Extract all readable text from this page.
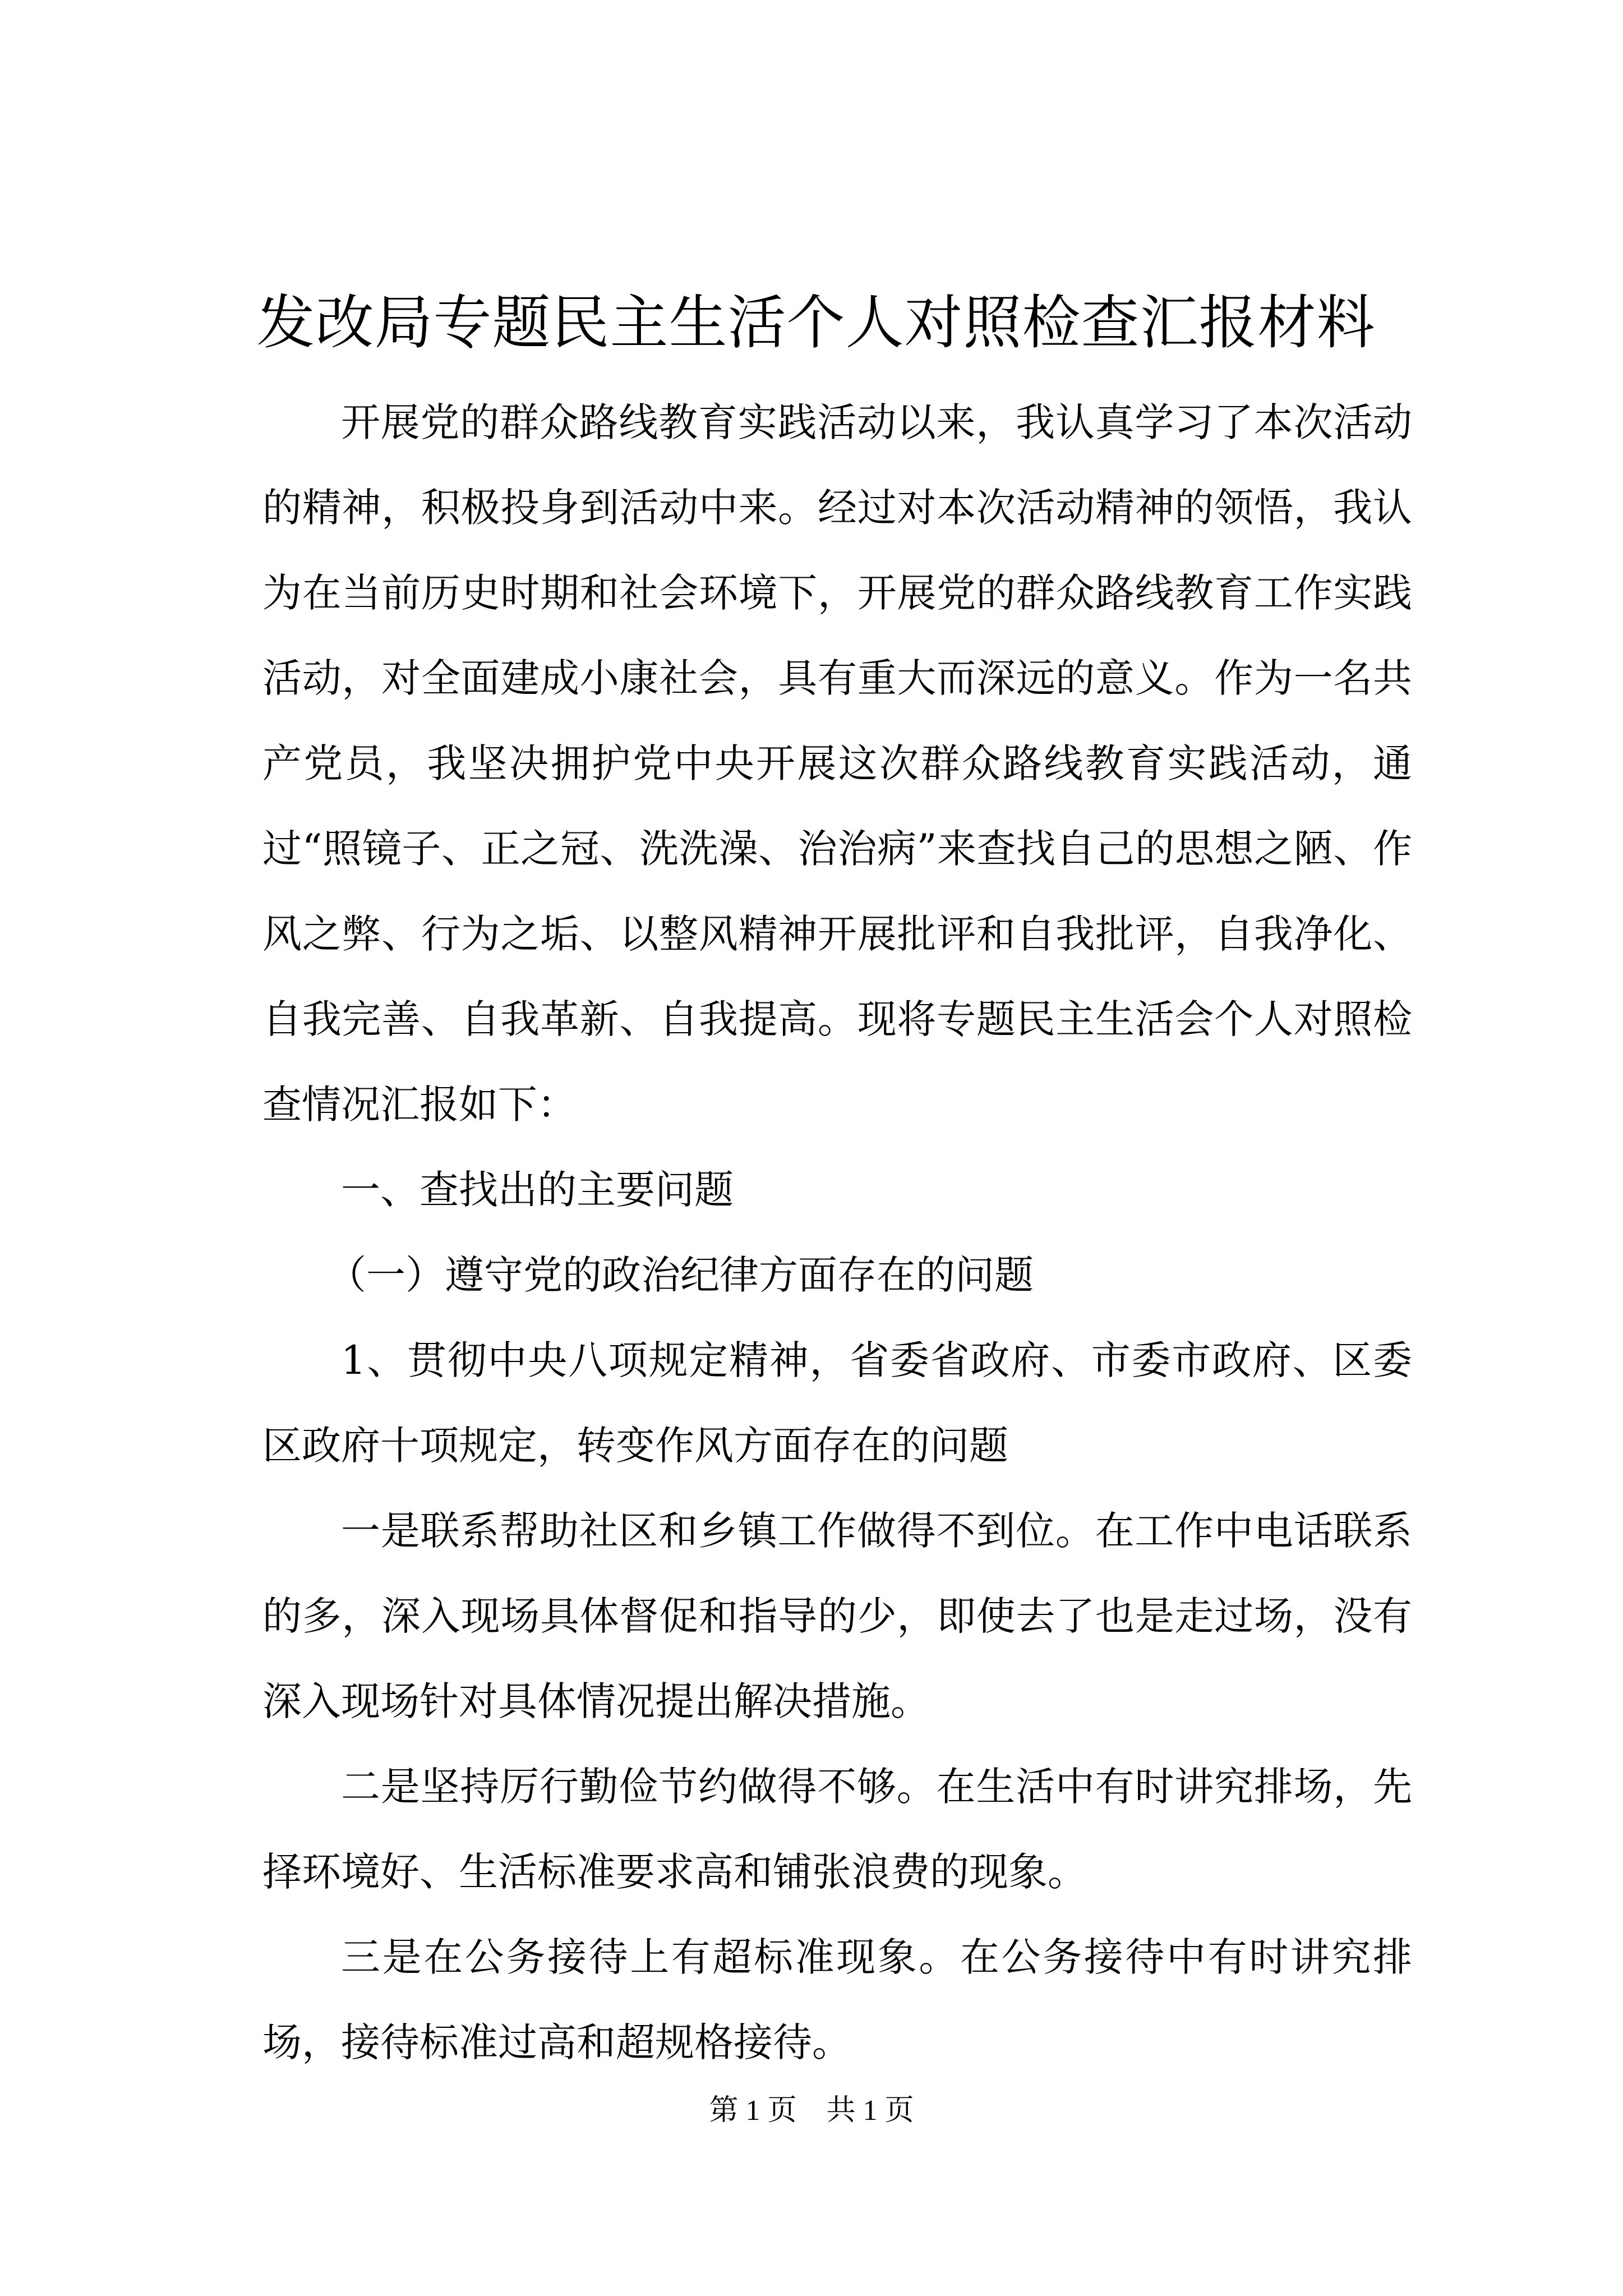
发改局专题民主生活个人对照检查汇报材料

开展党的群众路线教育实践活动以来，我认真学习了本次活动的精神，积极投身到活动中来。经过对本次活动精神的领悟，我认为在当前历史时期和社会环境下，开展党的群众路线教育工作实践活动，对全面建成小康社会，具有重大而深远的意义。作为一名共产党员，我坚决拥护党中央开展这次群众路线教育实践活动，通过“照镜子、正之冠、洗洗澡、治治病”来查找自己的思想之陋、作风之弊、行为之垢、以整风精神开展批评和自我批评，自我净化、自我完善、自我革新、自我提高。现将专题民主生活会个人对照检查情况汇报如下：

一、查找出的主要问题

（一）遵守党的政治纪律方面存在的问题

1、贯彻中央八项规定精神，省委省政府、市委市政府、区委区政府十项规定，转变作风方面存在的问题

一是联系帮助社区和乡镇工作做得不到位。在工作中电话联系的多，深入现场具体督促和指导的少，即使去了也是走过场，没有深入现场针对具体情况提出解决措施。

二是坚持厉行勤俭节约做得不够。在生活中有时讲究排场，先择环境好、生活标准要求高和铺张浪费的现象。

三是在公务接待上有超标准现象。在公务接待中有时讲究排场，接待标准过高和超规格接待。

第 1 页 共 1 页
